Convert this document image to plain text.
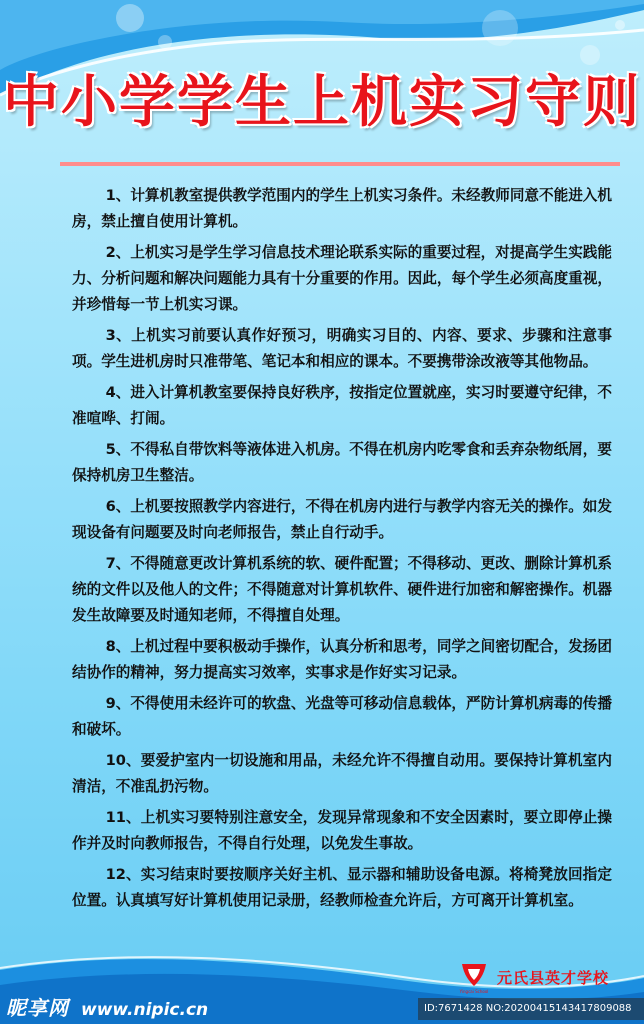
中小学学生上机实习守则

1、计算机教室提供教学范围内的学生上机实习条件。未经教师同意不能进入机房，禁止擅自使用计算机。

2、上机实习是学生学习信息技术理论联系实际的重要过程，对提高学生实践能力、分析问题和解决问题能力具有十分重要的作用。因此，每个学生必须高度重视，并珍惜每一节上机实习课。

3、上机实习前要认真作好预习，明确实习目的、内容、要求、步骤和注意事项。学生进机房时只准带笔、笔记本和相应的课本。不要携带涂改液等其他物品。

4、进入计算机教室要保持良好秩序，按指定位置就座，实习时要遵守纪律，不准喧哗、打闹。

5、不得私自带饮料等液体进入机房。不得在机房内吃零食和丢弃杂物纸屑，要保持机房卫生整洁。

6、上机要按照教学内容进行，不得在机房内进行与教学内容无关的操作。如发现设备有问题要及时向老师报告，禁止自行动手。

7、不得随意更改计算机系统的软、硬件配置；不得移动、更改、删除计算机系统的文件以及他人的文件；不得随意对计算机软件、硬件进行加密和解密操作。机器发生故障要及时通知老师，不得擅自处理。

8、上机过程中要积极动手操作，认真分析和思考，同学之间密切配合，发扬团结协作的精神，努力提高实习效率，实事求是作好实习记录。

9、不得使用未经许可的软盘、光盘等可移动信息载体，严防计算机病毒的传播和破坏。

10、要爱护室内一切设施和用品，未经允许不得擅自动用。要保持计算机室内清洁，不准乱扔污物。

11、上机实习要特别注意安全，发现异常现象和不安全因素时，要立即停止操作并及时向教师报告，不得自行处理，以免发生事故。

12、实习结束时要按顺序关好主机、显示器和辅助设备电源。将椅凳放回指定位置。认真填写好计算机使用记录册，经教师检查允许后，方可离开计算机室。

Yingcai School
元氏县英才学校
昵享网 www.nipic.cn	ID:7671428 NO:20200415143417809088
